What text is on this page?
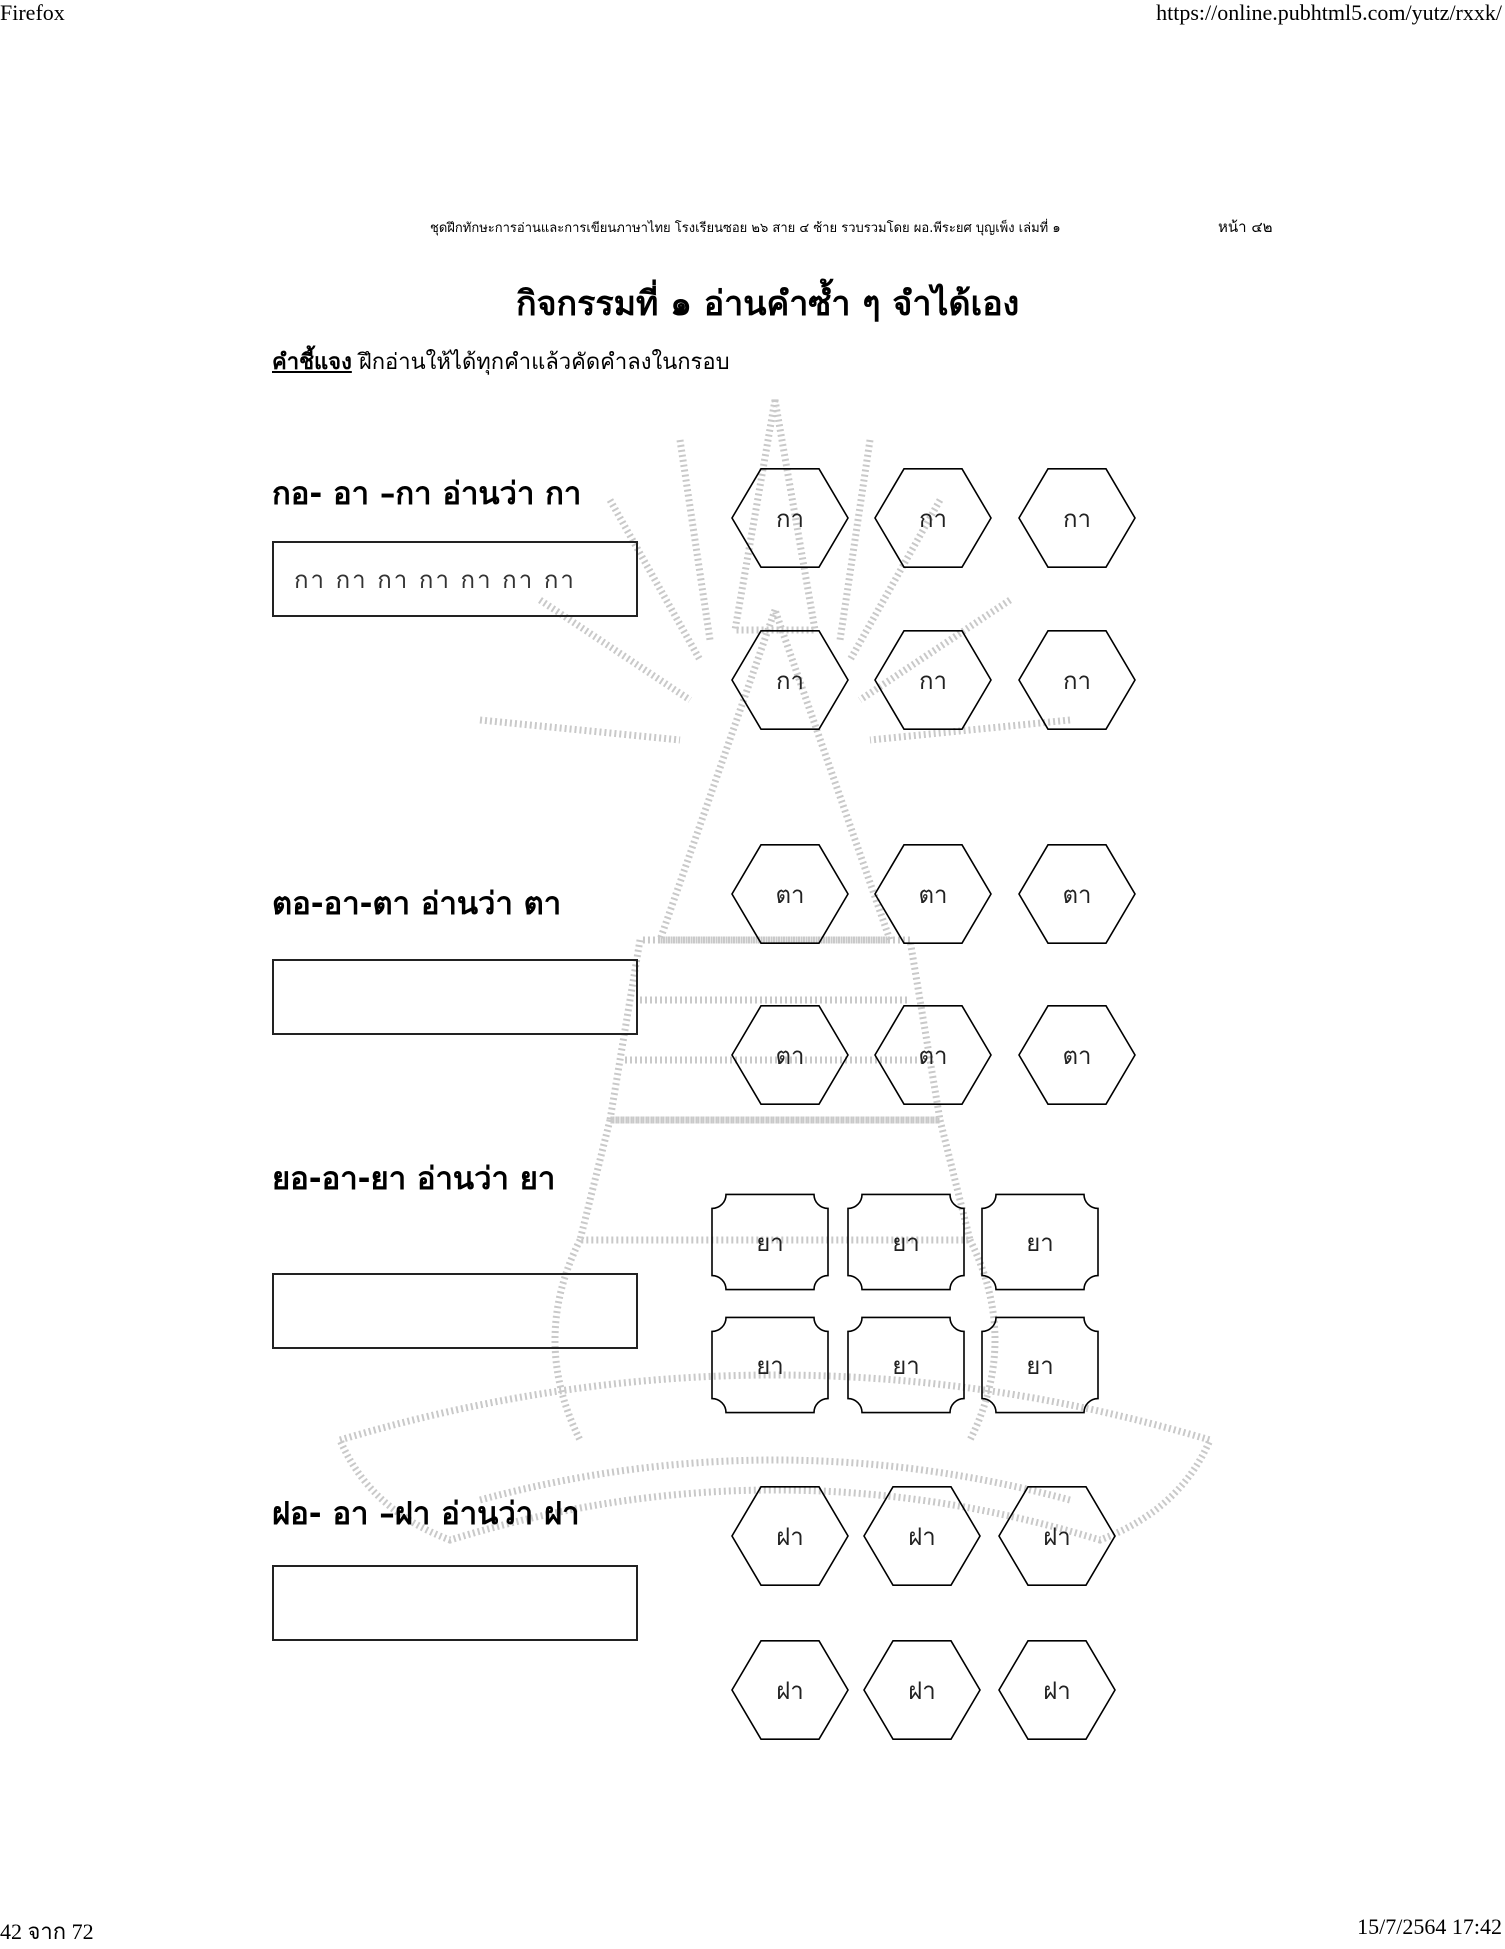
Firefox	https://online.pubhtml5.com/yutz/rxxk/
42 จาก 72	15/7/2564 17:42
ชุดฝึกทักษะการอ่านและการเขียนภาษาไทย โรงเรียนซอย ๒๖ สาย ๔ ซ้าย รวบรวมโดย ผอ.พีระยศ บุญเพ็ง เล่มที่ ๑	หน้า ๔๒
กิจกรรมที่ ๑ อ่านคำซ้ำ ๆ จำได้เอง
คำชี้แจง ฝึกอ่านให้ได้ทุกคำแล้วคัดคำลงในกรอบ
กอ- อา –กา อ่านว่า กา
กา กา กา กา กา กา กา
ตอ-อา-ตา อ่านว่า ตา
ยอ-อา-ยา อ่านว่า ยา
ฝอ- อา –ฝา อ่านว่า ฝา
กา	กา	กา
กา	กา	กา
ตา	ตา	ตา
ตา	ตา	ตา
ยา	ยา	ยา
ยา	ยา	ยา
ฝา	ฝา	ฝา
ฝา	ฝา	ฝา
